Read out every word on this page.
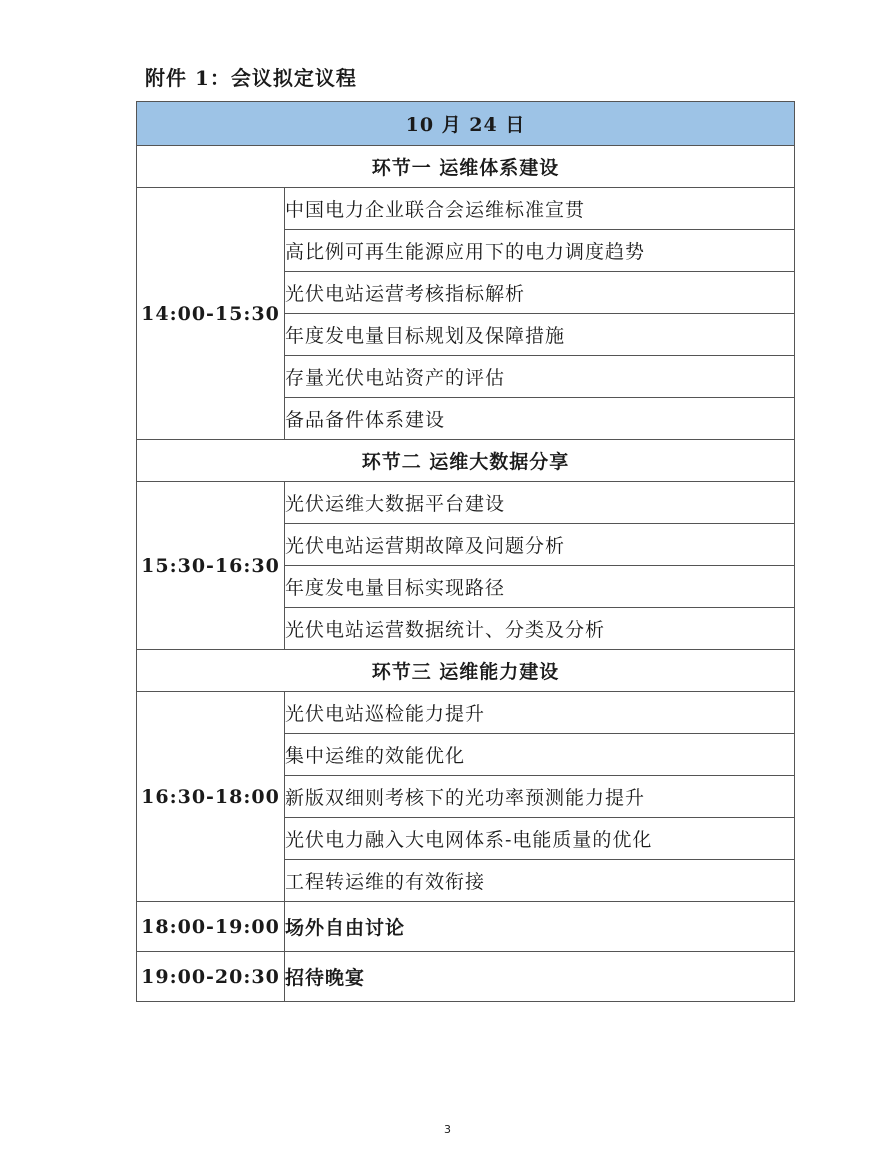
附件 1：会议拟定议程
10 月 24 日	
环节一 运维体系建设	
14:00-15:30	中国电力企业联合会运维标准宣贯
	高比例可再生能源应用下的电力调度趋势
	光伏电站运营考核指标解析
	年度发电量目标规划及保障措施
	存量光伏电站资产的评估
	备品备件体系建设
环节二 运维大数据分享	
15:30-16:30	光伏运维大数据平台建设
	光伏电站运营期故障及问题分析
	年度发电量目标实现路径
	光伏电站运营数据统计、分类及分析
环节三 运维能力建设	
16:30-18:00	光伏电站巡检能力提升
	集中运维的效能优化
	新版双细则考核下的光功率预测能力提升
	光伏电力融入大电网体系-电能质量的优化
	工程转运维的有效衔接
18:00-19:00	场外自由讨论
19:00-20:30	招待晚宴
3
